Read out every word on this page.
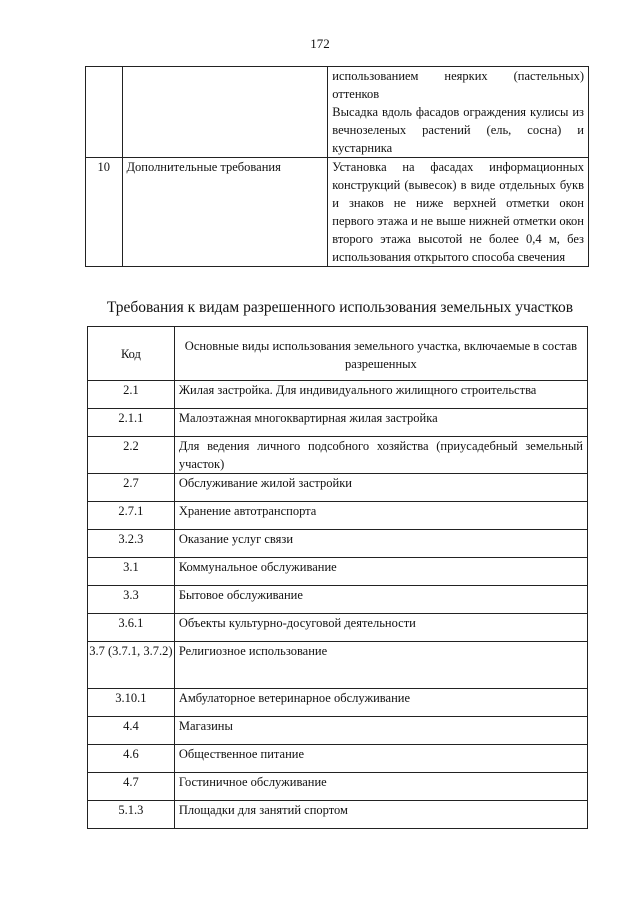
172

		использованием неярких (пастельных) оттенков

Высадка вдоль фасадов ограждения кулисы из вечнозеленых растений (ель, сосна) и кустарника

10	Дополнительные требования	Установка на фасадах информационных конструкций (вывесок) в виде отдельных букв и знаков не ниже верхней отметки окон первого этажа и не выше нижней отметки окон второго этажа высотой не более 0,4 м, без использования открытого способа свечения

Требования к видам разрешенного использования земельных участков
Код	Основные виды использования земельного участка, включаемые в состав разрешенных
2.1	Жилая застройка. Для индивидуального жилищного строительства
2.1.1	Малоэтажная многоквартирная жилая застройка
2.2	Для ведения личного подсобного хозяйства (приусадебный земельный участок)
2.7	Обслуживание жилой застройки
2.7.1	Хранение автотранспорта
3.2.3	Оказание услуг связи
3.1	Коммунальное обслуживание
3.3	Бытовое обслуживание
3.6.1	Объекты культурно-досуговой деятельности
3.7 (3.7.1, 3.7.2)	Религиозное использование
3.10.1	Амбулаторное ветеринарное обслуживание
4.4	Магазины
4.6	Общественное питание
4.7	Гостиничное обслуживание
5.1.3	Площадки для занятий спортом
